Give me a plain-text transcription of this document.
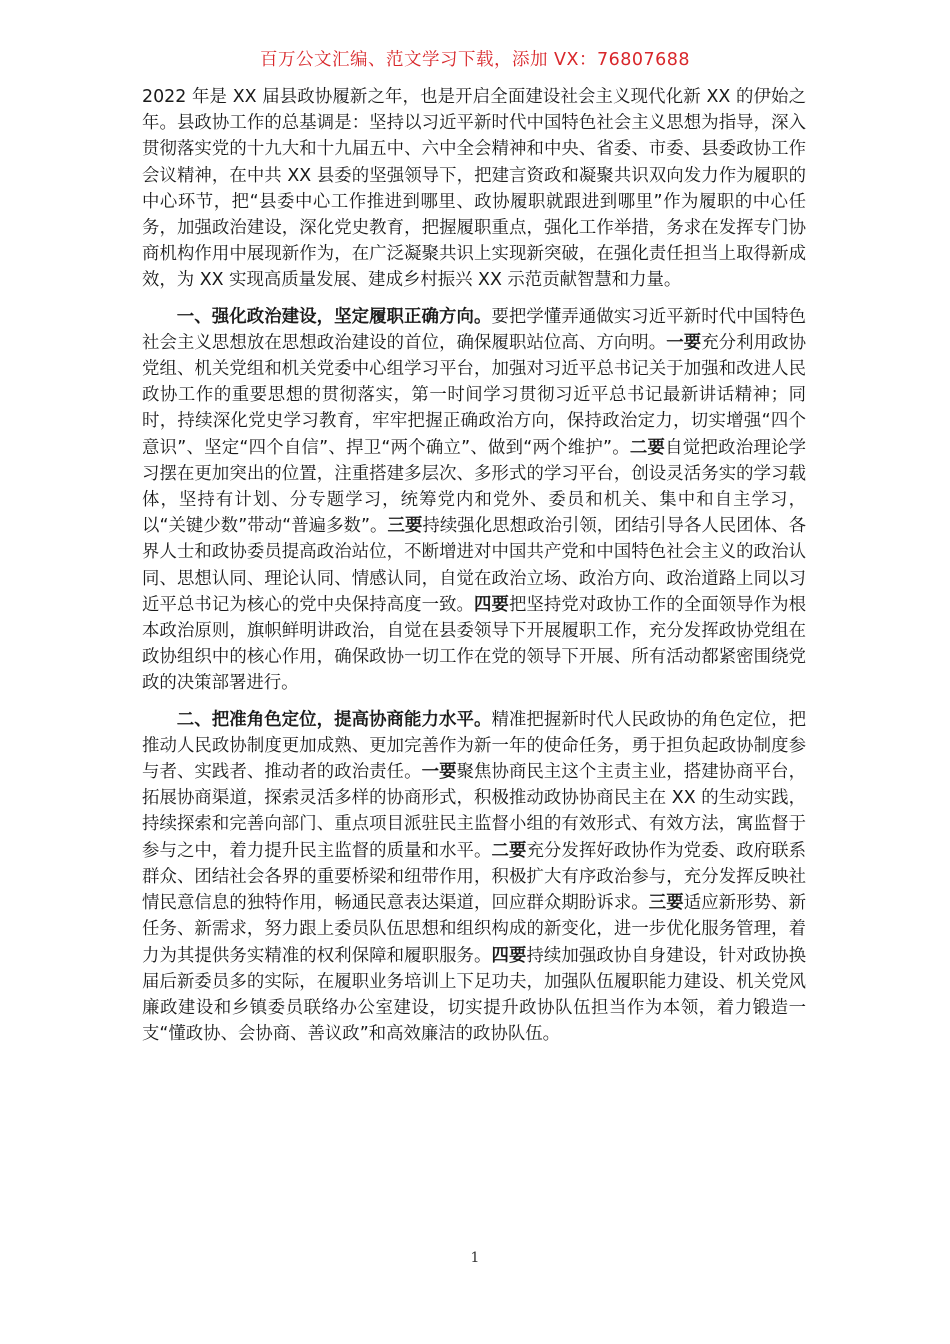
百万公文汇编、范文学习下载，添加 VX：76807688

2022 年是 XX 届县政协履新之年，也是开启全面建设社会主义现代化新 XX 的伊始之年。县政协工作的总基调是：坚持以习近平新时代中国特色社会主义思想为指导，深入贯彻落实党的十九大和十九届五中、六中全会精神和中央、省委、市委、县委政协工作会议精神，在中共 XX 县委的坚强领导下，把建言资政和凝聚共识双向发力作为履职的中心环节，把“县委中心工作推进到哪里、政协履职就跟进到哪里”作为履职的中心任务，加强政治建设，深化党史教育，把握履职重点，强化工作举措，务求在发挥专门协商机构作用中展现新作为，在广泛凝聚共识上实现新突破，在强化责任担当上取得新成效，为 XX 实现高质量发展、建成乡村振兴 XX 示范贡献智慧和力量。

一、强化政治建设，坚定履职正确方向。要把学懂弄通做实习近平新时代中国特色社会主义思想放在思想政治建设的首位，确保履职站位高、方向明。一要充分利用政协党组、机关党组和机关党委中心组学习平台，加强对习近平总书记关于加强和改进人民政协工作的重要思想的贯彻落实，第一时间学习贯彻习近平总书记最新讲话精神；同时，持续深化党史学习教育，牢牢把握正确政治方向，保持政治定力，切实增强“四个意识”、坚定“四个自信”、捍卫“两个确立”、做到“两个维护”。二要自觉把政治理论学习摆在更加突出的位置，注重搭建多层次、多形式的学习平台，创设灵活务实的学习载体，坚持有计划、分专题学习，统筹党内和党外、委员和机关、集中和自主学习，以“关键少数”带动“普遍多数”。三要持续强化思想政治引领，团结引导各人民团体、各界人士和政协委员提高政治站位，不断增进对中国共产党和中国特色社会主义的政治认同、思想认同、理论认同、情感认同，自觉在政治立场、政治方向、政治道路上同以习近平总书记为核心的党中央保持高度一致。四要把坚持党对政协工作的全面领导作为根本政治原则，旗帜鲜明讲政治，自觉在县委领导下开展履职工作，充分发挥政协党组在政协组织中的核心作用，确保政协一切工作在党的领导下开展、所有活动都紧密围绕党政的决策部署进行。

二、把准角色定位，提高协商能力水平。精准把握新时代人民政协的角色定位，把推动人民政协制度更加成熟、更加完善作为新一年的使命任务，勇于担负起政协制度参与者、实践者、推动者的政治责任。一要聚焦协商民主这个主责主业，搭建协商平台，拓展协商渠道，探索灵活多样的协商形式，积极推动政协协商民主在 XX 的生动实践，持续探索和完善向部门、重点项目派驻民主监督小组的有效形式、有效方法，寓监督于参与之中，着力提升民主监督的质量和水平。二要充分发挥好政协作为党委、政府联系群众、团结社会各界的重要桥梁和纽带作用，积极扩大有序政治参与，充分发挥反映社情民意信息的独特作用，畅通民意表达渠道，回应群众期盼诉求。三要适应新形势、新任务、新需求，努力跟上委员队伍思想和组织构成的新变化，进一步优化服务管理，着力为其提供务实精准的权利保障和履职服务。四要持续加强政协自身建设，针对政协换届后新委员多的实际，在履职业务培训上下足功夫，加强队伍履职能力建设、机关党风廉政建设和乡镇委员联络办公室建设，切实提升政协队伍担当作为本领，着力锻造一支“懂政协、会协商、善议政”和高效廉洁的政协队伍。

1
